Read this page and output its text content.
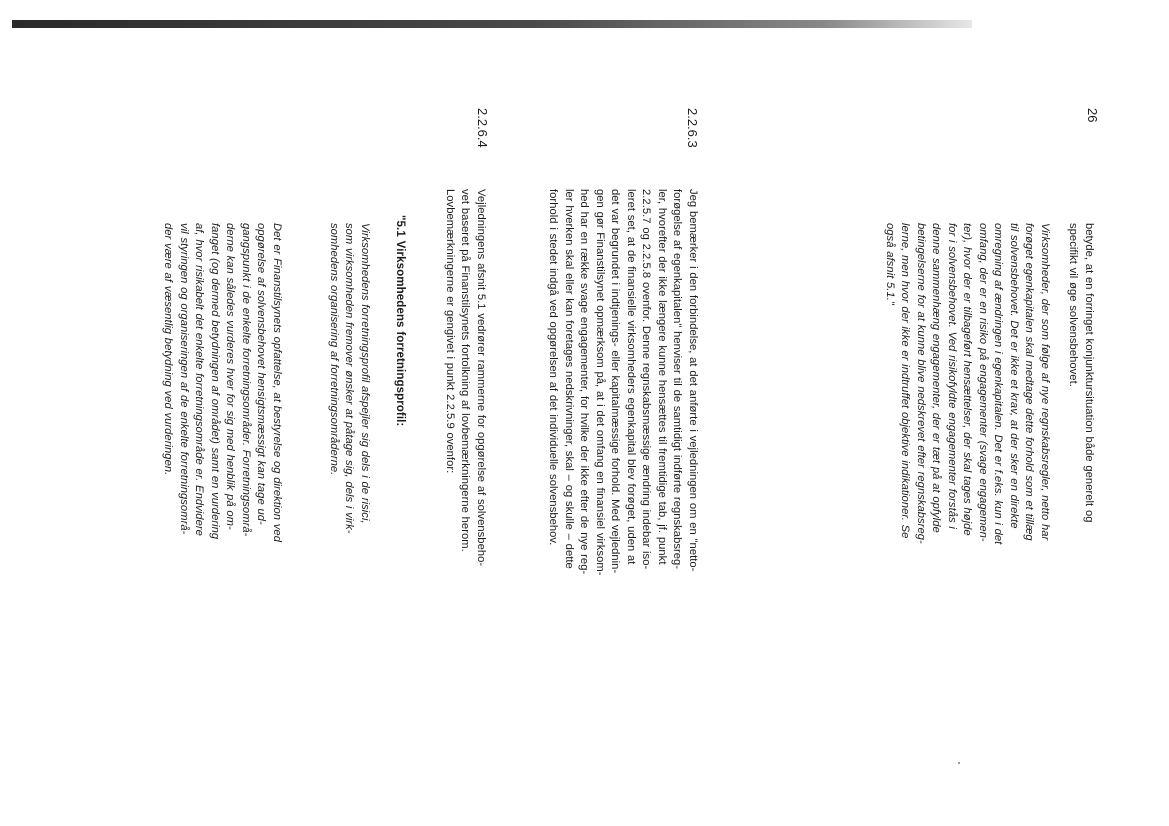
26
betyde, at en forringet konjunktursituation både generelt og
specifikt vil øge solvensbehovet.
Virksomheder, der som følge af nye regnskabsregler, netto har
forøget egenkapitalen skal medtage dette forhold som et tillæg
til solvensbehovet. Det er ikke et krav, at der sker en direkte
omregning af ændringen i egenkapitalen. Det er f.eks. kun i det
omfang, der er en risiko på engagementer (svage engagemen-
ter), hvor der er tilbageført hensættelser, der skal tages højde
for i solvensbehovet. Ved risikofyldte engagementer forstås i
denne sammenhæng engagementer, der er tæt på at opfylde
betingelserne for at kunne blive nedskrevet efter regnskabsreg-
lerne, men hvor der ikke er indtruffet objektive indikationer. Se
også afsnit 5.1."
2.2.6.3
Jeg bemærker i den forbindelse, at det anførte i vejledningen om en "netto-
forøgelse af egenkapitalen" henviser til de samtidigt indførte regnskabsreg-
ler, hvorefter der ikke længere kunne hensættes til fremtidige tab, jf. punkt
2.2.5.7 og 2.2.5.8 ovenfor. Denne regnskabsmæssige ændring indebar iso-
leret set, at de finansielle virksomheders egenkapital blev forøget, uden at
det var begrundet i indtjenings- eller kapitalmæssige forhold. Med vejlednin-
gen gør Finanstilsynet opmærksom på, at i det omfang en finansiel virksom-
hed har en række svage engagementer, for hvilke der ikke efter de nye reg-
ler hverken skal eller kan foretages nedskrivninger, skal – og skulle – dette
forhold i stedet indgå ved opgørelsen af det individuelle solvensbehov.
2.2.6.4
Vejledningens afsnit 5.1 vedrører rammerne for opgørelse af solvensbeho-
vet baseret på Finanstilsynets fortolkning af lovbemærkningerne herom.
Lovbemærkningerne er gengivet i punkt 2.2.5.9 ovenfor:
"5.1 Virksomhedens forretningsprofil:
Virksomhedens forretningsprofil afspejler sig dels i de risici,
som virksomheden fremover ønsker at påtage sig, dels i virk-
somhedens organisering af forretningsområderne.
Det er Finanstilsynets opfattelse, at bestyrelse og direktion ved
opgørelse af solvensbehovet hensigtsmæssigt kan tage ud-
gangspunkt i de enkelte forretningsområder. Forretningsområ-
derne kan således vurderes hver for sig med henblik på om-
fanget (og dermed betydningen af området) samt en vurdering
af, hvor risikabelt det enkelte forretningsområde er. Endvidere
vil styringen og organiseringen af de enkelte forretningsområ-
der være af væsentlig betydning ved vurderingen.
